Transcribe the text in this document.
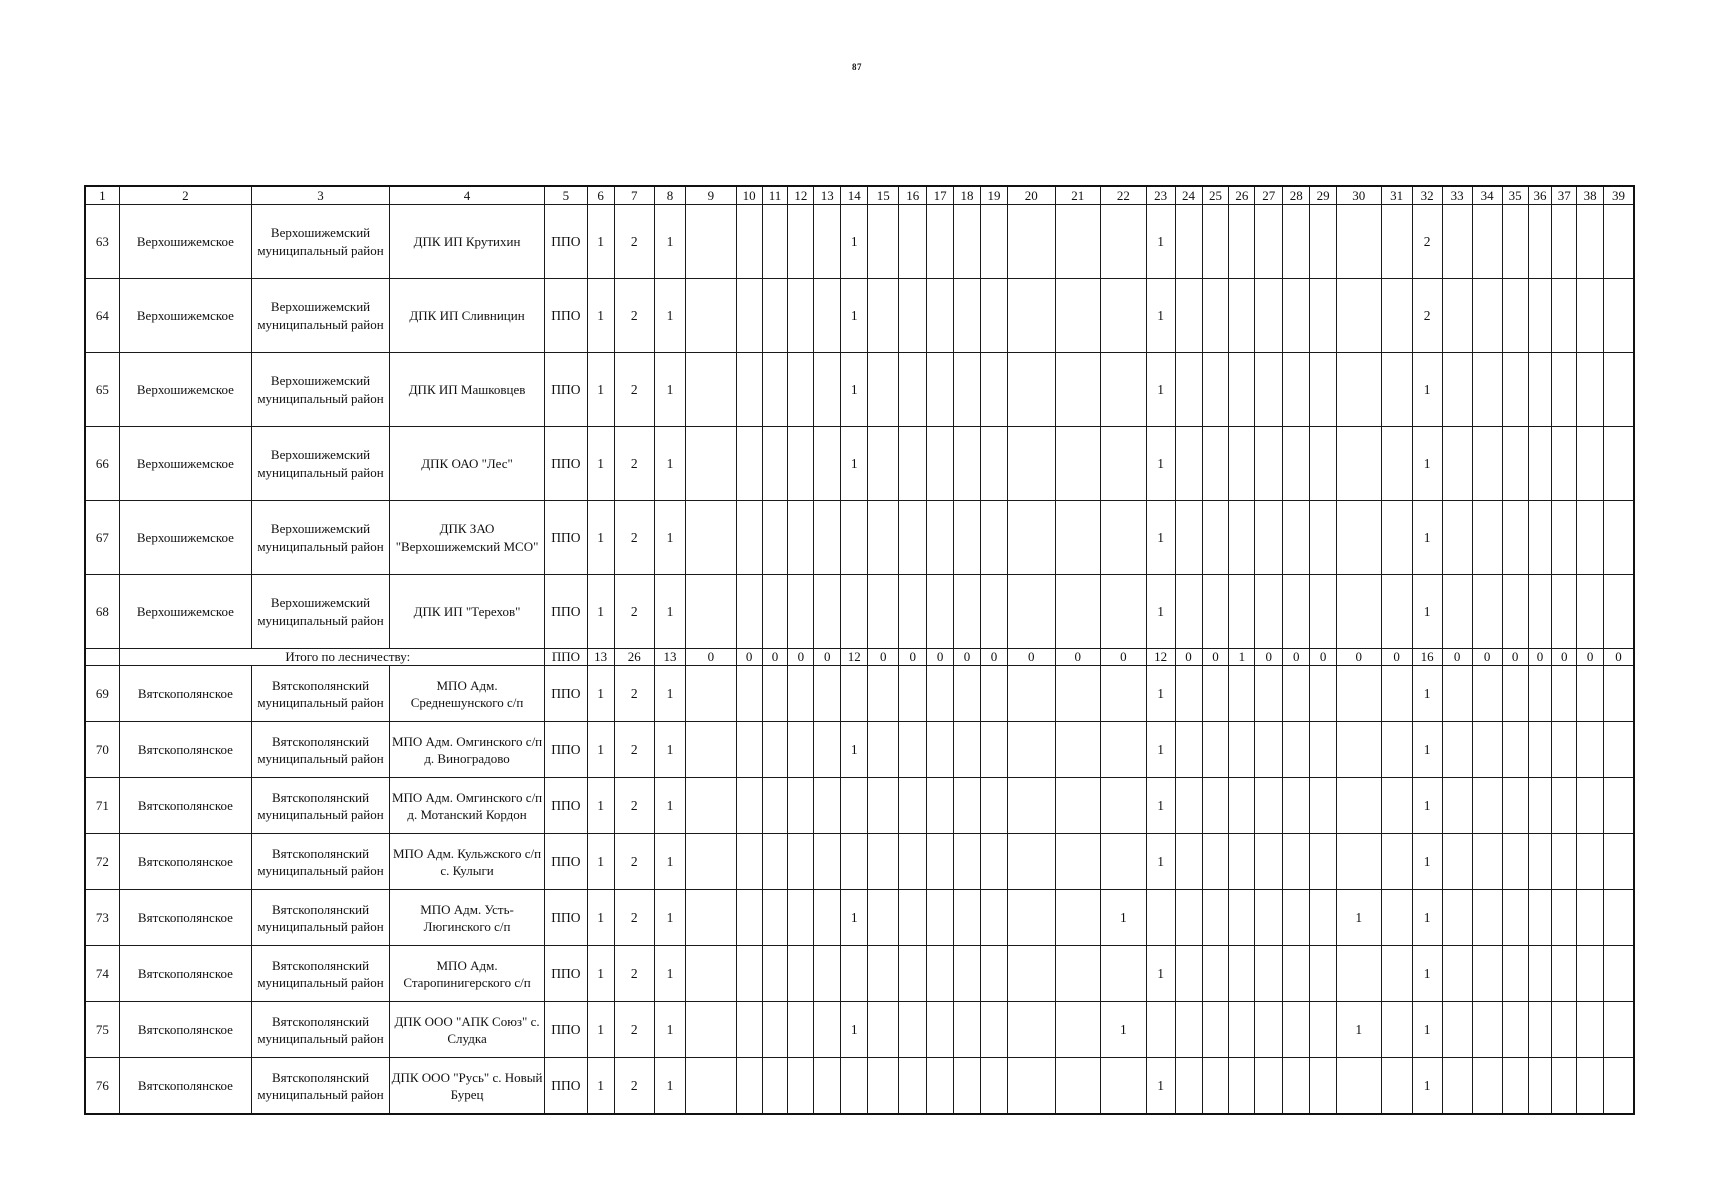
87
1	2	3	4	5	6	7	8	9	10	11	12	13	14	15	16	17	18	19	20	21	22	23	24	25	26	27	28	29	30	31	32	33	34	35	36	37	38	39
63	Верхошижемское	Верхошижемский муниципальный район	ДПК ИП Крутихин	ППО	1	2	1						1									1									2							
64	Верхошижемское	Верхошижемский муниципальный район	ДПК ИП Сливницин	ППО	1	2	1						1									1									2							
65	Верхошижемское	Верхошижемский муниципальный район	ДПК ИП Машковцев	ППО	1	2	1						1									1									1							
66	Верхошижемское	Верхошижемский муниципальный район	ДПК ОАО "Лес"	ППО	1	2	1						1									1									1							
67	Верхошижемское	Верхошижемский муниципальный район	ДПК ЗАО "Верхошижемский МСО"	ППО	1	2	1															1									1							
68	Верхошижемское	Верхошижемский муниципальный район	ДПК ИП "Терехов"	ППО	1	2	1															1									1							
	Итого по лесничеству:			ППО	13	26	13	0	0	0	0	0	12	0	0	0	0	0	0	0	0	12	0	0	1	0	0	0	0	0	16	0	0	0	0	0	0	0
69	Вятскополянское	Вятскополянский муниципальный район	МПО Адм. Среднешунского с/п	ППО	1	2	1															1									1							
70	Вятскополянское	Вятскополянский муниципальный район	МПО Адм. Омгинского с/п д. Виноградово	ППО	1	2	1						1									1									1							
71	Вятскополянское	Вятскополянский муниципальный район	МПО Адм. Омгинского с/п д. Мотанский Кордон	ППО	1	2	1															1									1							
72	Вятскополянское	Вятскополянский муниципальный район	МПО Адм. Кульжского с/п с. Кулыги	ППО	1	2	1															1									1							
73	Вятскополянское	Вятскополянский муниципальный район	МПО Адм. Усть-Люгинского с/п	ППО	1	2	1						1								1								1		1							
74	Вятскополянское	Вятскополянский муниципальный район	МПО Адм. Старопинигерского с/п	ППО	1	2	1															1									1							
75	Вятскополянское	Вятскополянский муниципальный район	ДПК ООО "АПК Союз" с. Слудка	ППО	1	2	1						1								1								1		1							
76	Вятскополянское	Вятскополянский муниципальный район	ДПК ООО "Русь" с. Новый Бурец	ППО	1	2	1															1									1							
